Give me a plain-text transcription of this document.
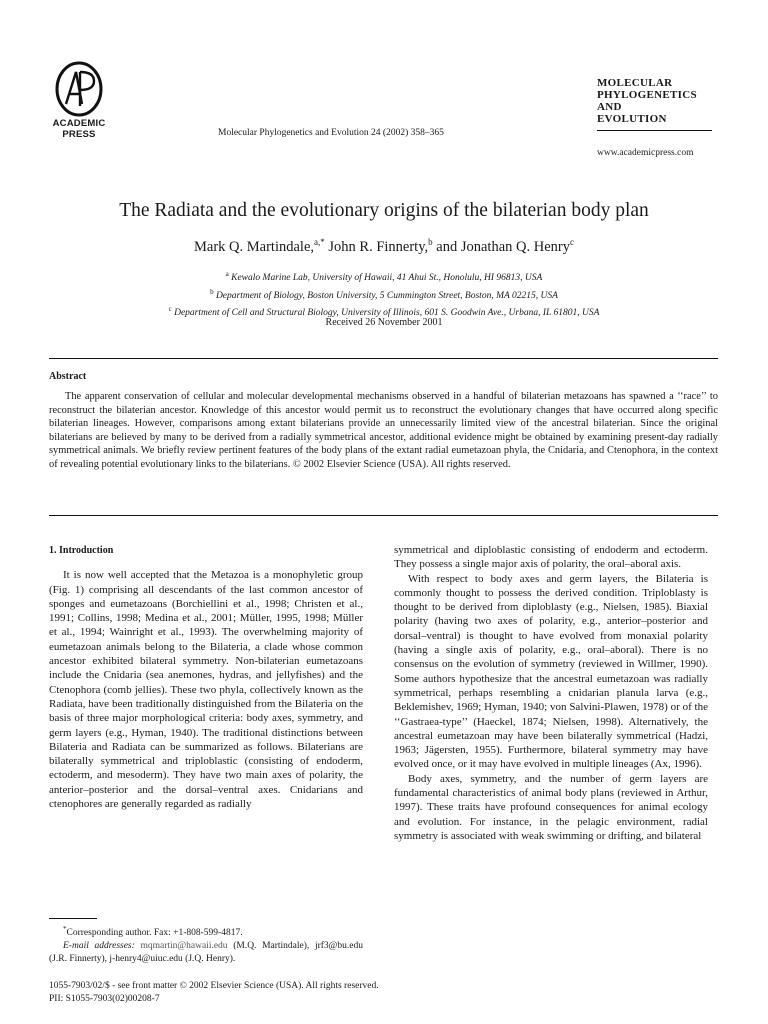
ACADEMIC
PRESS	Molecular Phylogenetics and Evolution 24 (2002) 358–365
MOLECULAR
PHYLOGENETICS
AND
EVOLUTION
www.academicpress.com
The Radiata and the evolutionary origins of the bilaterian body plan
Mark Q. Martindale,$^{a,*}$ John R. Finnerty,$^b$ and Jonathan Q. Henry$^c$
$^a$ Kewalo Marine Lab, University of Hawaii, 41 Ahui St., Honolulu, HI 96813, USA
$^b$ Department of Biology, Boston University, 5 Cummington Street, Boston, MA 02215, USA
$^c$ Department of Cell and Structural Biology, University of Illinois, 601 S. Goodwin Ave., Urbana, IL 61801, USA
Received 26 November 2001
Abstract
The apparent conservation of cellular and molecular developmental mechanisms observed in a handful of bilaterian metazoans has spawned a ‘‘race’’ to reconstruct the bilaterian ancestor. Knowledge of this ancestor would permit us to reconstruct the evolutionary changes that have occurred along specific bilaterian lineages. However, comparisons among extant bilaterians provide an unnecessarily limited view of the ancestral bilaterian. Since the original bilaterians are believed by many to be derived from a radially symmetrical ancestor, additional evidence might be obtained by examining present-day radially symmetrical animals. We briefly review pertinent features of the body plans of the extant radial eumetazoan phyla, the Cnidaria, and Ctenophora, in the context of revealing potential evolutionary links to the bilaterians. © 2002 Elsevier Science (USA). All rights reserved.
1. Introduction

It is now well accepted that the Metazoa is a monophyletic group (Fig. 1) comprising all descendants of the last common ancestor of sponges and eumetazoans (Borchiellini et al., 1998; Christen et al., 1991; Collins, 1998; Medina et al., 2001; Müller, 1995, 1998; Müller et al., 1994; Wainright et al., 1993). The overwhelming majority of eumetazoan animals belong to the Bilateria, a clade whose common ancestor exhibited bilateral symmetry. Non-bilaterian eumetazoans include the Cnidaria (sea anemones, hydras, and jellyfishes) and the Ctenophora (comb jellies). These two phyla, collectively known as the Radiata, have been traditionally distinguished from the Bilateria on the basis of three major morphological criteria: body axes, symmetry, and germ layers (e.g., Hyman, 1940). The traditional distinctions between Bilateria and Radiata can be summarized as follows. Bilaterians are bilaterally symmetrical and triploblastic (consisting of endoderm, ectoderm, and mesoderm). They have two main axes of polarity, the anterior–posterior and the dorsal–ventral axes. Cnidarians and ctenophores are generally regarded as radially

symmetrical and diploblastic consisting of endoderm and ectoderm. They possess a single major axis of polarity, the oral–aboral axis.

With respect to body axes and germ layers, the Bilateria is commonly thought to possess the derived condition. Triploblasty is thought to be derived from diploblasty (e.g., Nielsen, 1985). Biaxial polarity (having two axes of polarity, e.g., anterior–posterior and dorsal–ventral) is thought to have evolved from monaxial polarity (having a single axis of polarity, e.g., oral–aboral). There is no consensus on the evolution of symmetry (reviewed in Willmer, 1990). Some authors hypothesize that the ancestral eumetazoan was radially symmetrical, perhaps resembling a cnidarian planula larva (e.g., Beklemishev, 1969; Hyman, 1940; von Salvini-Plawen, 1978) or of the ‘‘Gastraea-type’’ (Haeckel, 1874; Nielsen, 1998). Alternatively, the ancestral eumetazoan may have been bilaterally symmetrical (Hadzi, 1963; Jägersten, 1955). Furthermore, bilateral symmetry may have evolved once, or it may have evolved in multiple lineages (Ax, 1996).

Body axes, symmetry, and the number of germ layers are fundamental characteristics of animal body plans (reviewed in Arthur, 1997). These traits have profound consequences for animal ecology and evolution. For instance, in the pelagic environment, radial symmetry is associated with weak swimming or drifting, and bilateral

*Corresponding author. Fax: +1-808-599-4817.
E-mail addresses: mqmartin@hawaii.edu (M.Q. Martindale), jrf3@bu.edu (J.R. Finnerty), j-henry4@uiuc.edu (J.Q. Henry).
1055-7903/02/$ - see front matter © 2002 Elsevier Science (USA). All rights reserved.
PII: S1055-7903(02)00208-7
